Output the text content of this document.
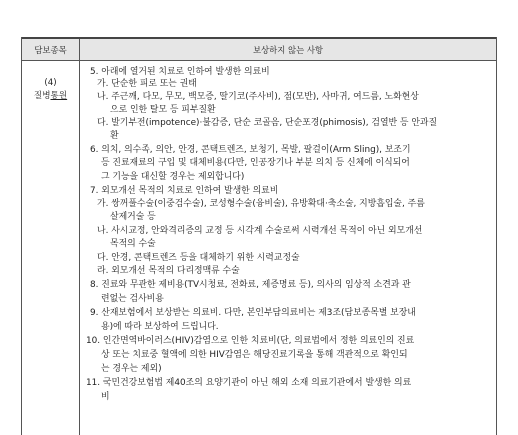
담보종목	보상하지 않는 사항
(4)
질병통원
5. 아래에 열거된 치료로 인하여 발생한 의료비
가. 단순한 피로 또는 권태
나. 주근깨, 다모, 무모, 백모증, 딸기코(주사비), 점(모반), 사마귀, 여드름, 노화현상
으로 인한 탈모 등 피부질환
다. 발기부전(impotence)·불감증, 단순 코골음, 단순포경(phimosis), 검열반 등 안과질
환
6. 의치, 의수족, 의안, 안경, 콘택트렌즈, 보청기, 목발, 팔걸이(Arm Sling), 보조기
등 진료재료의 구입 및 대체비용(다만, 인공장기나 부분 의치 등 신체에 이식되어
그 기능을 대신할 경우는 제외합니다)
7. 외모개선 목적의 치료로 인하여 발생한 의료비
가. 쌍꺼풀수술(이중검수술), 코성형수술(융비술), 유방확대·축소술, 지방흡입술, 주름
살제거술 등
나. 사시교정, 안와격리증의 교정 등 시각계 수술로써 시력개선 목적이 아닌 외모개선
목적의 수술
다. 안경, 콘택트렌즈 등을 대체하기 위한 시력교정술
라. 외모개선 목적의 다리정맥류 수술
8. 진료와 무관한 제비용(TV시청료, 전화료, 제증명료 등), 의사의 임상적 소견과 관
련없는 검사비용
9. 산재보험에서 보상받는 의료비. 다만, 본인부담의료비는 제3조(담보종목별 보장내
용)에 따라 보상하여 드립니다.
10. 인간면역바이러스(HIV)감염으로 인한 치료비(단, 의료법에서 정한 의료인의 진료
상 또는 치료중 혈액에 의한 HIV감염은 해당진료기록을 통해 객관적으로 확인되
는 경우는 제외)
11. 국민건강보험법 제40조의 요양기관이 아닌 해외 소재 의료기관에서 발생한 의료
비
